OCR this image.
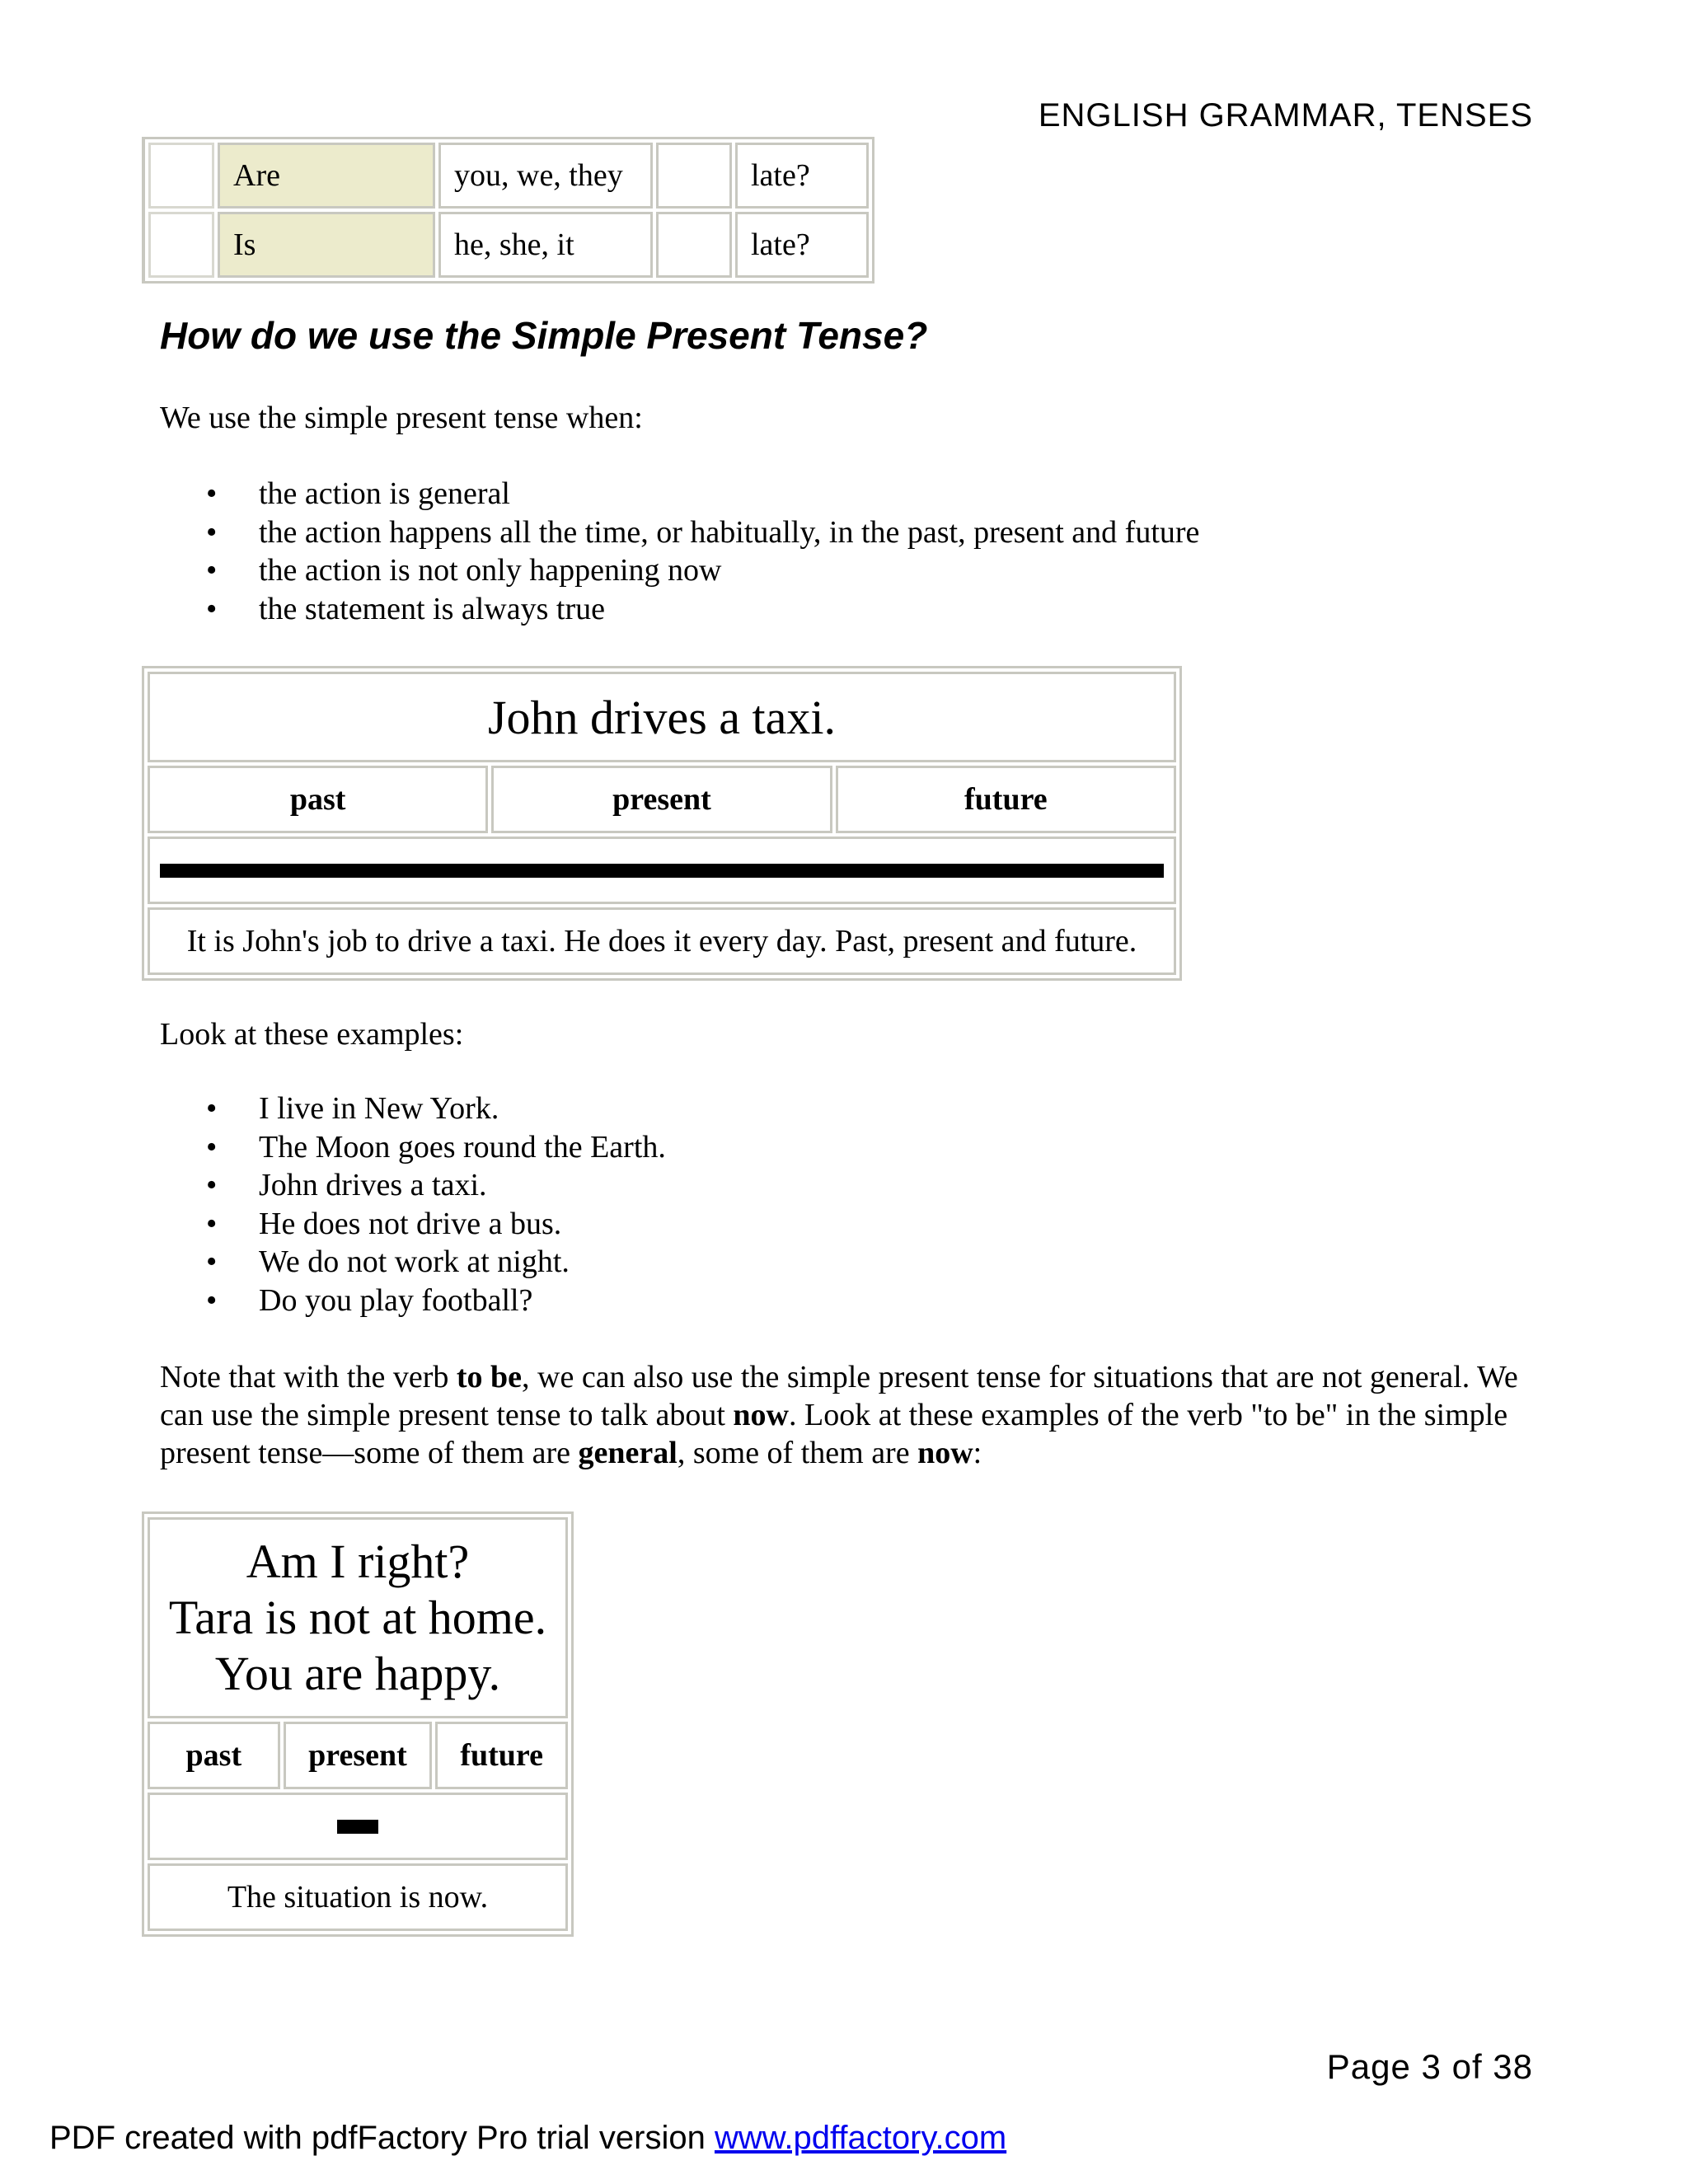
ENGLISH GRAMMAR, TENSES
	Are	you, we, they		late?
	Is	he, she, it		late?
How do we use the Simple Present Tense?

We use the simple present tense when:

• the action is general
• the action happens all the time, or habitually, in the past, present and future
• the action is not only happening now
• the statement is always true
John drives a taxi.
past	present	future

It is John's job to drive a taxi. He does it every day. Past, present and future.

Look at these examples:

• I live in New York.
• The Moon goes round the Earth.
• John drives a taxi.
• He does not drive a bus.
• We do not work at night.
• Do you play football?

Note that with the verb to be, we can also use the simple present tense for situations that are not general. We can use the simple present tense to talk about now. Look at these examples of the verb "to be" in the simple present tense—some of them are general, some of them are now:

Am I right?
Tara is not at home.
You are happy.

past	present	future

The situation is now.
Page 3 of 38
PDF created with pdfFactory Pro trial version www.pdffactory.com
